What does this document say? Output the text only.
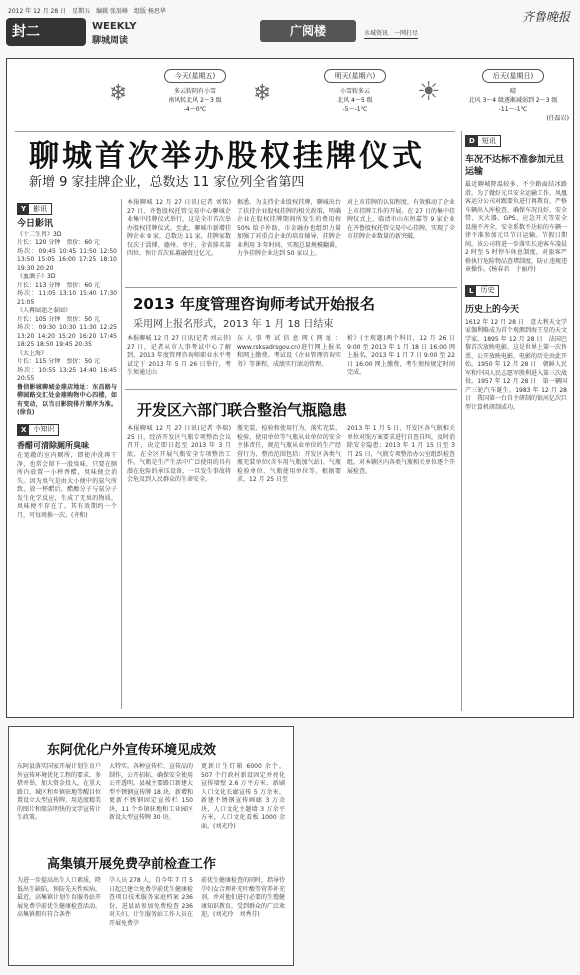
2012 年 12 月 28 日　星期五　编辑 张辰峰　组版 杨思华	齐鲁晚报
封二	WEEKLY
聊城周读
广阅楼	水城资讯　一网打尽
❄
今天(星期五)
多云转阴有小雪
南风转北风 2～3 级
-4～0℃
❄
明天(星期六)
小雪转多云
北风 4～5 级
-5～-1℃
☀
后天(星期日)
晴
北风 3～4 级逐渐减弱到 2～3 级
-11～-1℃
(任磊岩)
聊城首次举办股权挂牌仪式
新增 9 家挂牌企业，总数达 11 家位列全省第四
Y	影讯
今日影讯
《十二生肖》3D
片长：120 分钟　票价：60 元
场次：09:45 10:45 11:50 12:50 13:50 15:05 16:00 17:25 18:10 19:30 20:20
《血滴子》3D
片长：113 分钟　票价：60 元
场次：11:05 13:10 15:40 17:30 21:05
《人再囧途之泰囧》
片长：105 分钟　票价：50 元
场次：09:30 10:30 11:30 12:25 13:20 14:20 15:20 16:20 17:45 18:25 18:50 19:45 20:35
《大上海》
片长：115 分钟　票价：50 元
场次：10:55 13:25 14:40 16:45 20:55
鲁信影城聊城金鼎店地址：东昌路与柳园路交汇处金鼎购物中心四楼，如有变动，以当日影院排片顺序为准。(徐良)
X	小知识
香醋可清除厕所臭味
在宽敞的室内厕所，即使冲洗再干净，也常会留下一股臭味，只要在厕所内放置一小杯香醋，臭味便会消失。因为臭气是由大小便中的氨气所致，放一杯醋后，醋酸分子与氨分子发生化学反应，生成了无臭的物质，臭味便不存在了。其有效期约一个月，可每周换一次。(齐和)
本报聊城 12 月 27 日讯(记者 刘铭) 27 日，齐鲁股权托管交易中心聊城企业集中挂牌仪式举行，这是全市首次举办股权挂牌仪式。至此，聊城市新增挂牌企业 9 家，总数达 11 家，挂牌家数仅次于淄博、德州、枣庄，全省排名第四位，预计首次私募融资过亿元。
据悉，为支持企业股权挂牌，聊城出台了扶持企业股权挂牌的相关政策，明确企业在股权挂牌期间所发生的费用按 50% 给予补助，市金融办也组织力量加强了对重点企业的培育辅导，挂牌企业利用 3 年时间，实现总量规模翻番，力争挂牌企业达到 50 家以上。
对上市挂牌的认知程度，有效推动了企业上市挂牌工作的开展。在 27 日的集中挂牌仪式上，临清市山东恒嘉等 9 家企业在齐鲁股权托管交易中心挂牌，实现了全市挂牌企业数量的新突破。
2013 年度管理咨询师考试开始报名
采用网上报名形式，2013 年 1 月 18 日结束
本报聊城 12 月 27 日讯(记者 刘云菲) 27 日，记者从市人事考试中心了解到，2013 年度管理咨询师职业水平考试定于 2013 年 5 月 26 日举行，考生须通过山
东人事考试信息网(网址：www.rsksadrsgov.cn)进行网上报名和网上缴费。考试设《企业管理咨询实务》等课程，成绩实行滚动管理。
析》(主观题)两个科目，12 月 26 日 9:00 至 2013 年 1 月 18 日 16:00 网上报名，2013 年 1 月 7 日 9:00 至 22 日 16:00 网上缴费，考生须按规定时间完成。
开发区六部门联合整治气瓶隐患
本报聊城 12 月 27 日讯(记者 李瑞) 25 日，经济开发区气瓶专项整治会议召开，决定即日起至 2013 年 3 月底，在全区开展气瓶安全专项整治工作。气瓶是生产生活中广泛使用的具有潜在危险的承压设备，一旦发生事故将会危及到人民群众的生命安全。
瓶充装、检验和使用行为，落实充装、检验、使用单位等气瓶从业单位的安全主体责任，规范气瓶从业单位的生产经营行为，整治范围包括：开发区各类气瓶充装单位(含车用气瓶加气站)、气瓶检验单位、气瓶使用单位等。根据要求，12 月 25 日至
2013 年 1 月 5 日，开发区各气瓶相关单位对照方案要求进行自查自纠，及时消除安全隐患；2013 年 1 月 15 日至 3 月 25 日，气瓶专项整治办公室组织检查组，对本辖区内各类气瓶相关单位逐个开展检查。
D	短讯
车况不达标不准参加元旦运输
最近聊城降温较多，不少路面结冰路滑，为了做好元旦安全运输工作，凤凰客运分公司对跟要负进行再教育，严格车辆出入库检查，确保车况良好、安全带、灭火器、GPS、应急开关等安全设施不齐全，安全系数不达标的车辆一律不准参加元旦节日运输。节假日期间，该公司将进一步落实长途客车凌晨 2 时至 5 时停车休息制度，对旅客严格执行危险物品查堵制度，防止违规违章操作。(杨春君　于丽玲)
L	历史
历史上的今天
1612 年 12 月 28 日　意大利天文学家伽利略成为首个观测到海王星的天文学家。1895 年 12 月 28 日　法国巴黎首次放映电影，这是世界上第一次售票、公开放映电影，电影的历史由此开始。1950 年 12 月 28 日　朝鲜人民军和中国人民志愿军胜利进入第三次战役。1957 年 12 月 28 日　第一辆国产三轮汽车诞生。1983 年 12 月 28 日　我国第一台自主研制的银河亿次巨型计算机研制成功。
东阿优化户外宣传环境见成效
东阿县落实国家开展计划生育户外宣传环境优化工程的要求，多措并举，加大资金投入，在重大路口、城区和乡镇驻地等醒目位置设立大型宣传牌，用适度精美的图片和简洁明快的文字宣传计生政策。
大特实。各种宣传栏、宣传品的制作，公开招标，确保安全使用公开透明。县城主要路口新建大型不锈钢宣传牌 18 块，新增和更新不锈钢固定宣传栏 150 块，11 个乡镇驻地和工业园区新设大型宣传牌 30 块。
更新计生灯箱 6000 余个，507 个行政村新设固定并亮化宣传墙壁 2.6 万平方米，新刷人口文化长廊宣传 5 万余米，新建不锈钢宣传画廊 3 万余块，人口文化主题墙 3 万余平方米，人口文化看板 1000 余面。(刘光玲)
高集镇开展免费孕前检查工作
为进一步提高出生人口素质，降低出生缺陷，预防先天性疾病，最近，高集镇计划生育服务站开展免费孕前优生健康检查活动。高集镇拥有符合条件
孕人员 278 人，自今年 7 月 5 日起已建立免费孕前优生健康检查项目技术服务家庭档案 236 份，进县站参加免费检查 236 对夫妇，计生服务站工作人员在开展免费孕
前优生健康检查的同时，指导待孕妇女合理补充叶酸等营养补充剂，并对他们进行必要的生殖健康知识教育，受到群众的广泛欢迎。(刘光玲　刘秀芬)
